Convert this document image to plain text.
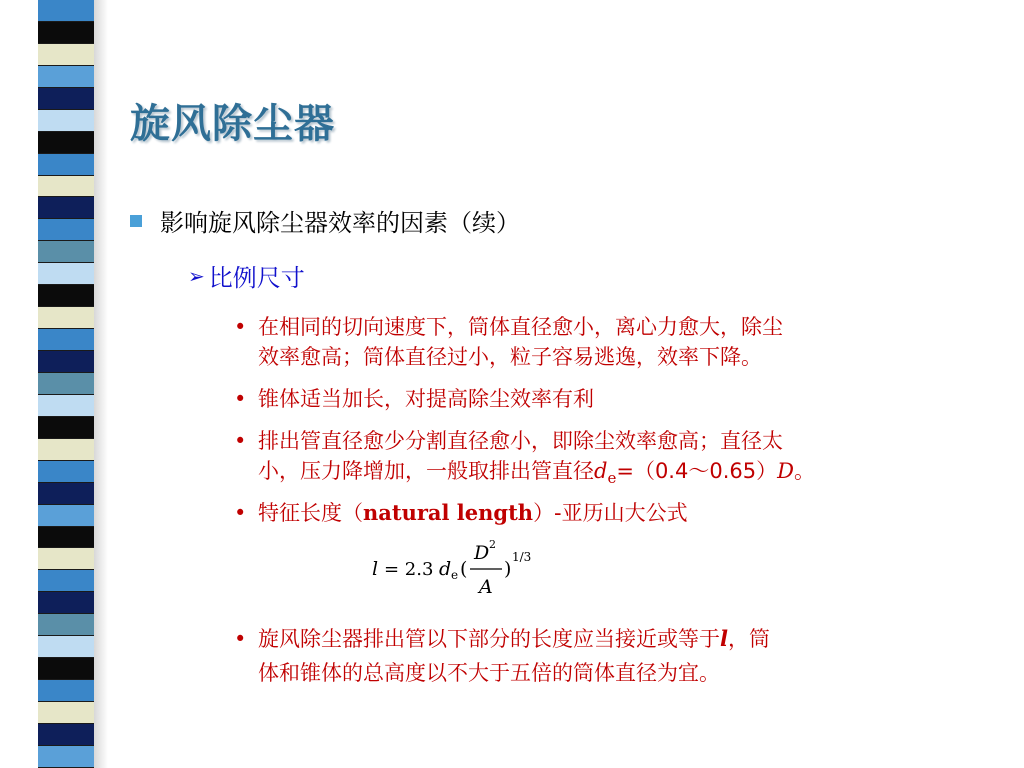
旋风除尘器
影响旋风除尘器效率的因素（续）
➢ 比例尺寸
• 在相同的切向速度下，筒体直径愈小，离心力愈大，除尘
效率愈高；筒体直径过小，粒子容易逃逸，效率下降。
• 锥体适当加长，对提高除尘效率有利
• 排出管直径愈少分割直径愈小，即除尘效率愈高；直径太
小，压力降增加，一般取排出管直径$d_e=(0.4\sim 0.65)D$。
• 特征长度（natural length）-亚历山大公式
l = 2.3 d e (
D 2
A
)
1/3
• 旋风除尘器排出管以下部分的长度应当接近或等于l，筒
体和锥体的总高度以不大于五倍的筒体直径为宜。
